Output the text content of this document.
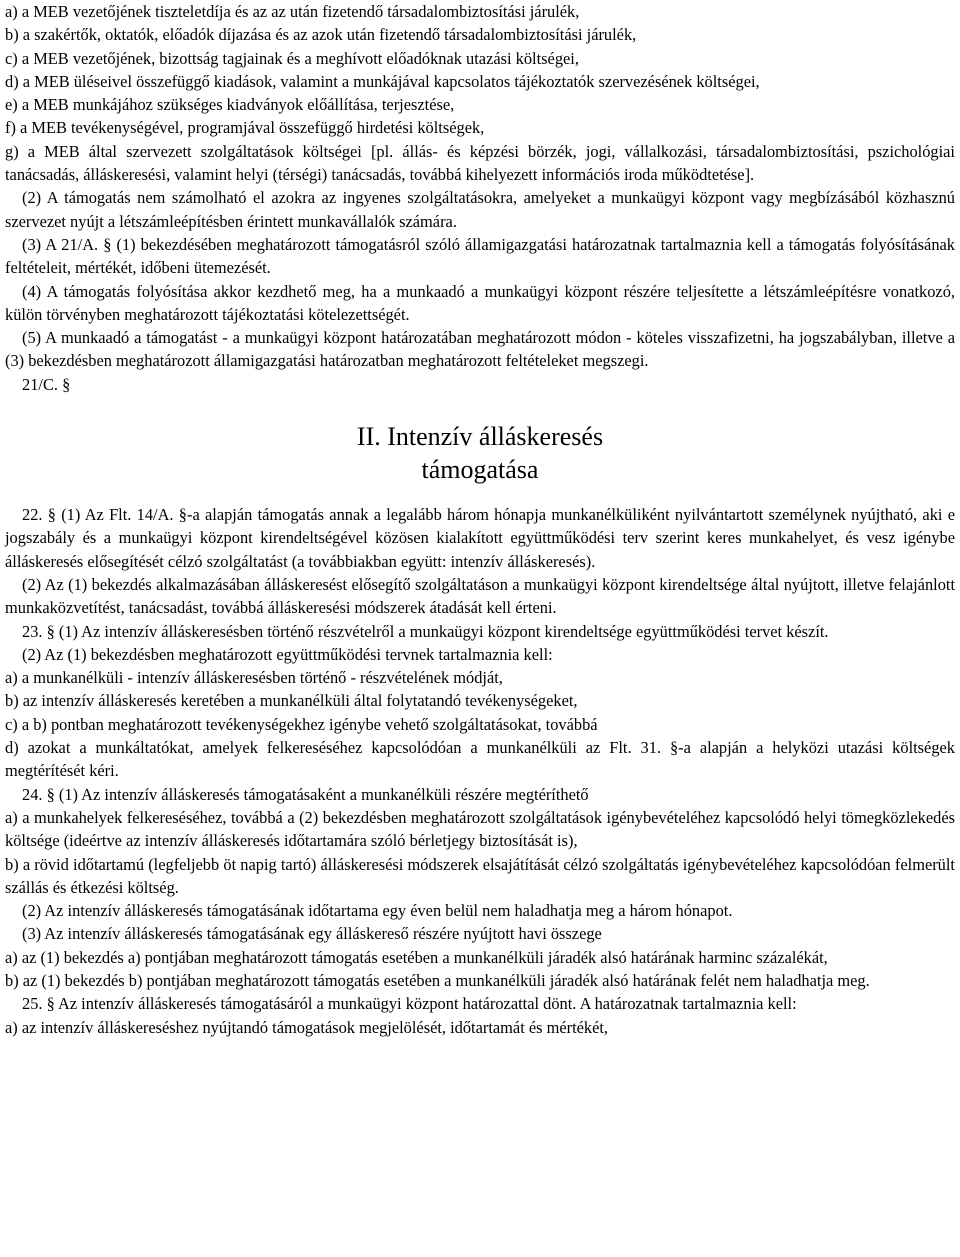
a) a MEB vezetőjének tiszteletdíja és az az után fizetendő társadalombiztosítási járulék,

b) a szakértők, oktatók, előadók díjazása és az azok után fizetendő társadalombiztosítási járulék,

c) a MEB vezetőjének, bizottság tagjainak és a meghívott előadóknak utazási költségei,

d) a MEB üléseivel összefüggő kiadások, valamint a munkájával kapcsolatos tájékoztatók szervezésének költségei,

e) a MEB munkájához szükséges kiadványok előállítása, terjesztése,

f) a MEB tevékenységével, programjával összefüggő hirdetési költségek,

g) a MEB által szervezett szolgáltatások költségei [pl. állás- és képzési börzék, jogi, vállalkozási, társadalombiztosítási, pszichológiai tanácsadás, álláskeresési, valamint helyi (térségi) tanácsadás, továbbá kihelyezett információs iroda működtetése].

(2) A támogatás nem számolható el azokra az ingyenes szolgáltatásokra, amelyeket a munkaügyi központ vagy megbízásából közhasznú szervezet nyújt a létszámleépítésben érintett munkavállalók számára.

(3) A 21/A. § (1) bekezdésében meghatározott támogatásról szóló államigazgatási határozatnak tartalmaznia kell a támogatás folyósításának feltételeit, mértékét, időbeni ütemezését.

(4) A támogatás folyósítása akkor kezdhető meg, ha a munkaadó a munkaügyi központ részére teljesítette a létszámleépítésre vonatkozó, külön törvényben meghatározott tájékoztatási kötelezettségét.

(5) A munkaadó a támogatást - a munkaügyi központ határozatában meghatározott módon - köteles visszafizetni, ha jogszabályban, illetve a (3) bekezdésben meghatározott államigazgatási határozatban meghatározott feltételeket megszegi.

21/C. §

II. Intenzív álláskeresés
támogatása

22. § (1) Az Flt. 14/A. §-a alapján támogatás annak a legalább három hónapja munkanélküliként nyilvántartott személynek nyújtható, aki e jogszabály és a munkaügyi központ kirendeltségével közösen kialakított együttműködési terv szerint keres munkahelyet, és vesz igénybe álláskeresés elősegítését célzó szolgáltatást (a továbbiakban együtt: intenzív álláskeresés).

(2) Az (1) bekezdés alkalmazásában álláskeresést elősegítő szolgáltatáson a munkaügyi központ kirendeltsége által nyújtott, illetve felajánlott munkaközvetítést, tanácsadást, továbbá álláskeresési módszerek átadását kell érteni.

23. § (1) Az intenzív álláskeresésben történő részvételről a munkaügyi központ kirendeltsége együttműködési tervet készít.

(2) Az (1) bekezdésben meghatározott együttműködési tervnek tartalmaznia kell:

a) a munkanélküli - intenzív álláskeresésben történő - részvételének módját,

b) az intenzív álláskeresés keretében a munkanélküli által folytatandó tevékenységeket,

c) a b) pontban meghatározott tevékenységekhez igénybe vehető szolgáltatásokat, továbbá

d) azokat a munkáltatókat, amelyek felkereséséhez kapcsolódóan a munkanélküli az Flt. 31. §-a alapján a helyközi utazási költségek megtérítését kéri.

24. § (1) Az intenzív álláskeresés támogatásaként a munkanélküli részére megtéríthető

a) a munkahelyek felkereséséhez, továbbá a (2) bekezdésben meghatározott szolgáltatások igénybevételéhez kapcsolódó helyi tömegközlekedés költsége (ideértve az intenzív álláskeresés időtartamára szóló bérletjegy biztosítását is),

b) a rövid időtartamú (legfeljebb öt napig tartó) álláskeresési módszerek elsajátítását célzó szolgáltatás igénybevételéhez kapcsolódóan felmerült szállás és étkezési költség.

(2) Az intenzív álláskeresés támogatásának időtartama egy éven belül nem haladhatja meg a három hónapot.

(3) Az intenzív álláskeresés támogatásának egy álláskereső részére nyújtott havi összege

a) az (1) bekezdés a) pontjában meghatározott támogatás esetében a munkanélküli járadék alsó határának harminc százalékát,

b) az (1) bekezdés b) pontjában meghatározott támogatás esetében a munkanélküli járadék alsó határának felét nem haladhatja meg.

25. § Az intenzív álláskeresés támogatásáról a munkaügyi központ határozattal dönt. A határozatnak tartalmaznia kell:

a) az intenzív álláskereséshez nyújtandó támogatások megjelölését, időtartamát és mértékét,
